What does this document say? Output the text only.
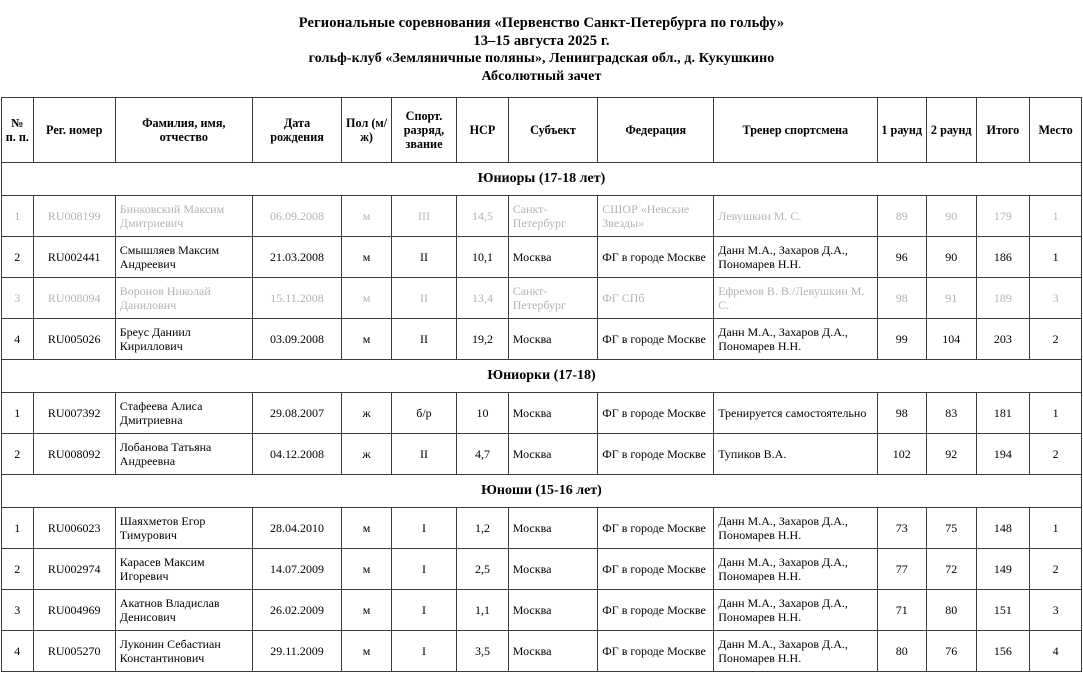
Региональные соревнования «Первенство Санкт-Петербурга по гольфу»
13–15 августа 2025 г.
гольф-клуб «Земляничные поляны», Ленинградская обл., д. Кукушкино
Абсолютный зачет
№ п. п.	Рег. номер	Фамилия, имя, отчество	Дата рождения	Пол (м/ж)	Спорт. разряд, звание	HCP	Субъект	Федерация	Тренер спортсмена	1 раунд	2 раунд	Итого	Место
Юниоры (17-18 лет)													
1	RU008199	Бинковский Максим Дмитриевич	06.09.2008	м	III	14,5	Санкт-Петербург	СШОР «Невские Звезды»	Левушкин М. С.	89	90	179	1
2	RU002441	Смышляев Максим Андреевич	21.03.2008	м	II	10,1	Москва	ФГ в городе Москве	Данн М.А., Захаров Д.А., Пономарев Н.Н.	96	90	186	1
3	RU008094	Воронов Николай Данилович	15.11.2008	м	II	13,4	Санкт-Петербург	ФГ СПб	Ефремов В. В./Левушкин М. С.	98	91	189	3
4	RU005026	Бреус Даниил Кириллович	03.09.2008	м	II	19,2	Москва	ФГ в городе Москве	Данн М.А., Захаров Д.А., Пономарев Н.Н.	99	104	203	2
Юниорки (17-18)													
1	RU007392	Стафеева Алиса Дмитриевна	29.08.2007	ж	б/р	10	Москва	ФГ в городе Москве	Тренируется самостоятельно	98	83	181	1
2	RU008092	Лобанова Татьяна Андреевна	04.12.2008	ж	II	4,7	Москва	ФГ в городе Москве	Тупиков В.А.	102	92	194	2
Юноши (15-16 лет)													
1	RU006023	Шаяхметов Егор Тимурович	28.04.2010	м	I	1,2	Москва	ФГ в городе Москве	Данн М.А., Захаров Д.А., Пономарев Н.Н.	73	75	148	1
2	RU002974	Карасев Максим Игоревич	14.07.2009	м	I	2,5	Москва	ФГ в городе Москве	Данн М.А., Захаров Д.А., Пономарев Н.Н.	77	72	149	2
3	RU004969	Акатнов Владислав Денисович	26.02.2009	м	I	1,1	Москва	ФГ в городе Москве	Данн М.А., Захаров Д.А., Пономарев Н.Н.	71	80	151	3
4	RU005270	Луконин Себастиан Константинович	29.11.2009	м	I	3,5	Москва	ФГ в городе Москве	Данн М.А., Захаров Д.А., Пономарев Н.Н.	80	76	156	4
